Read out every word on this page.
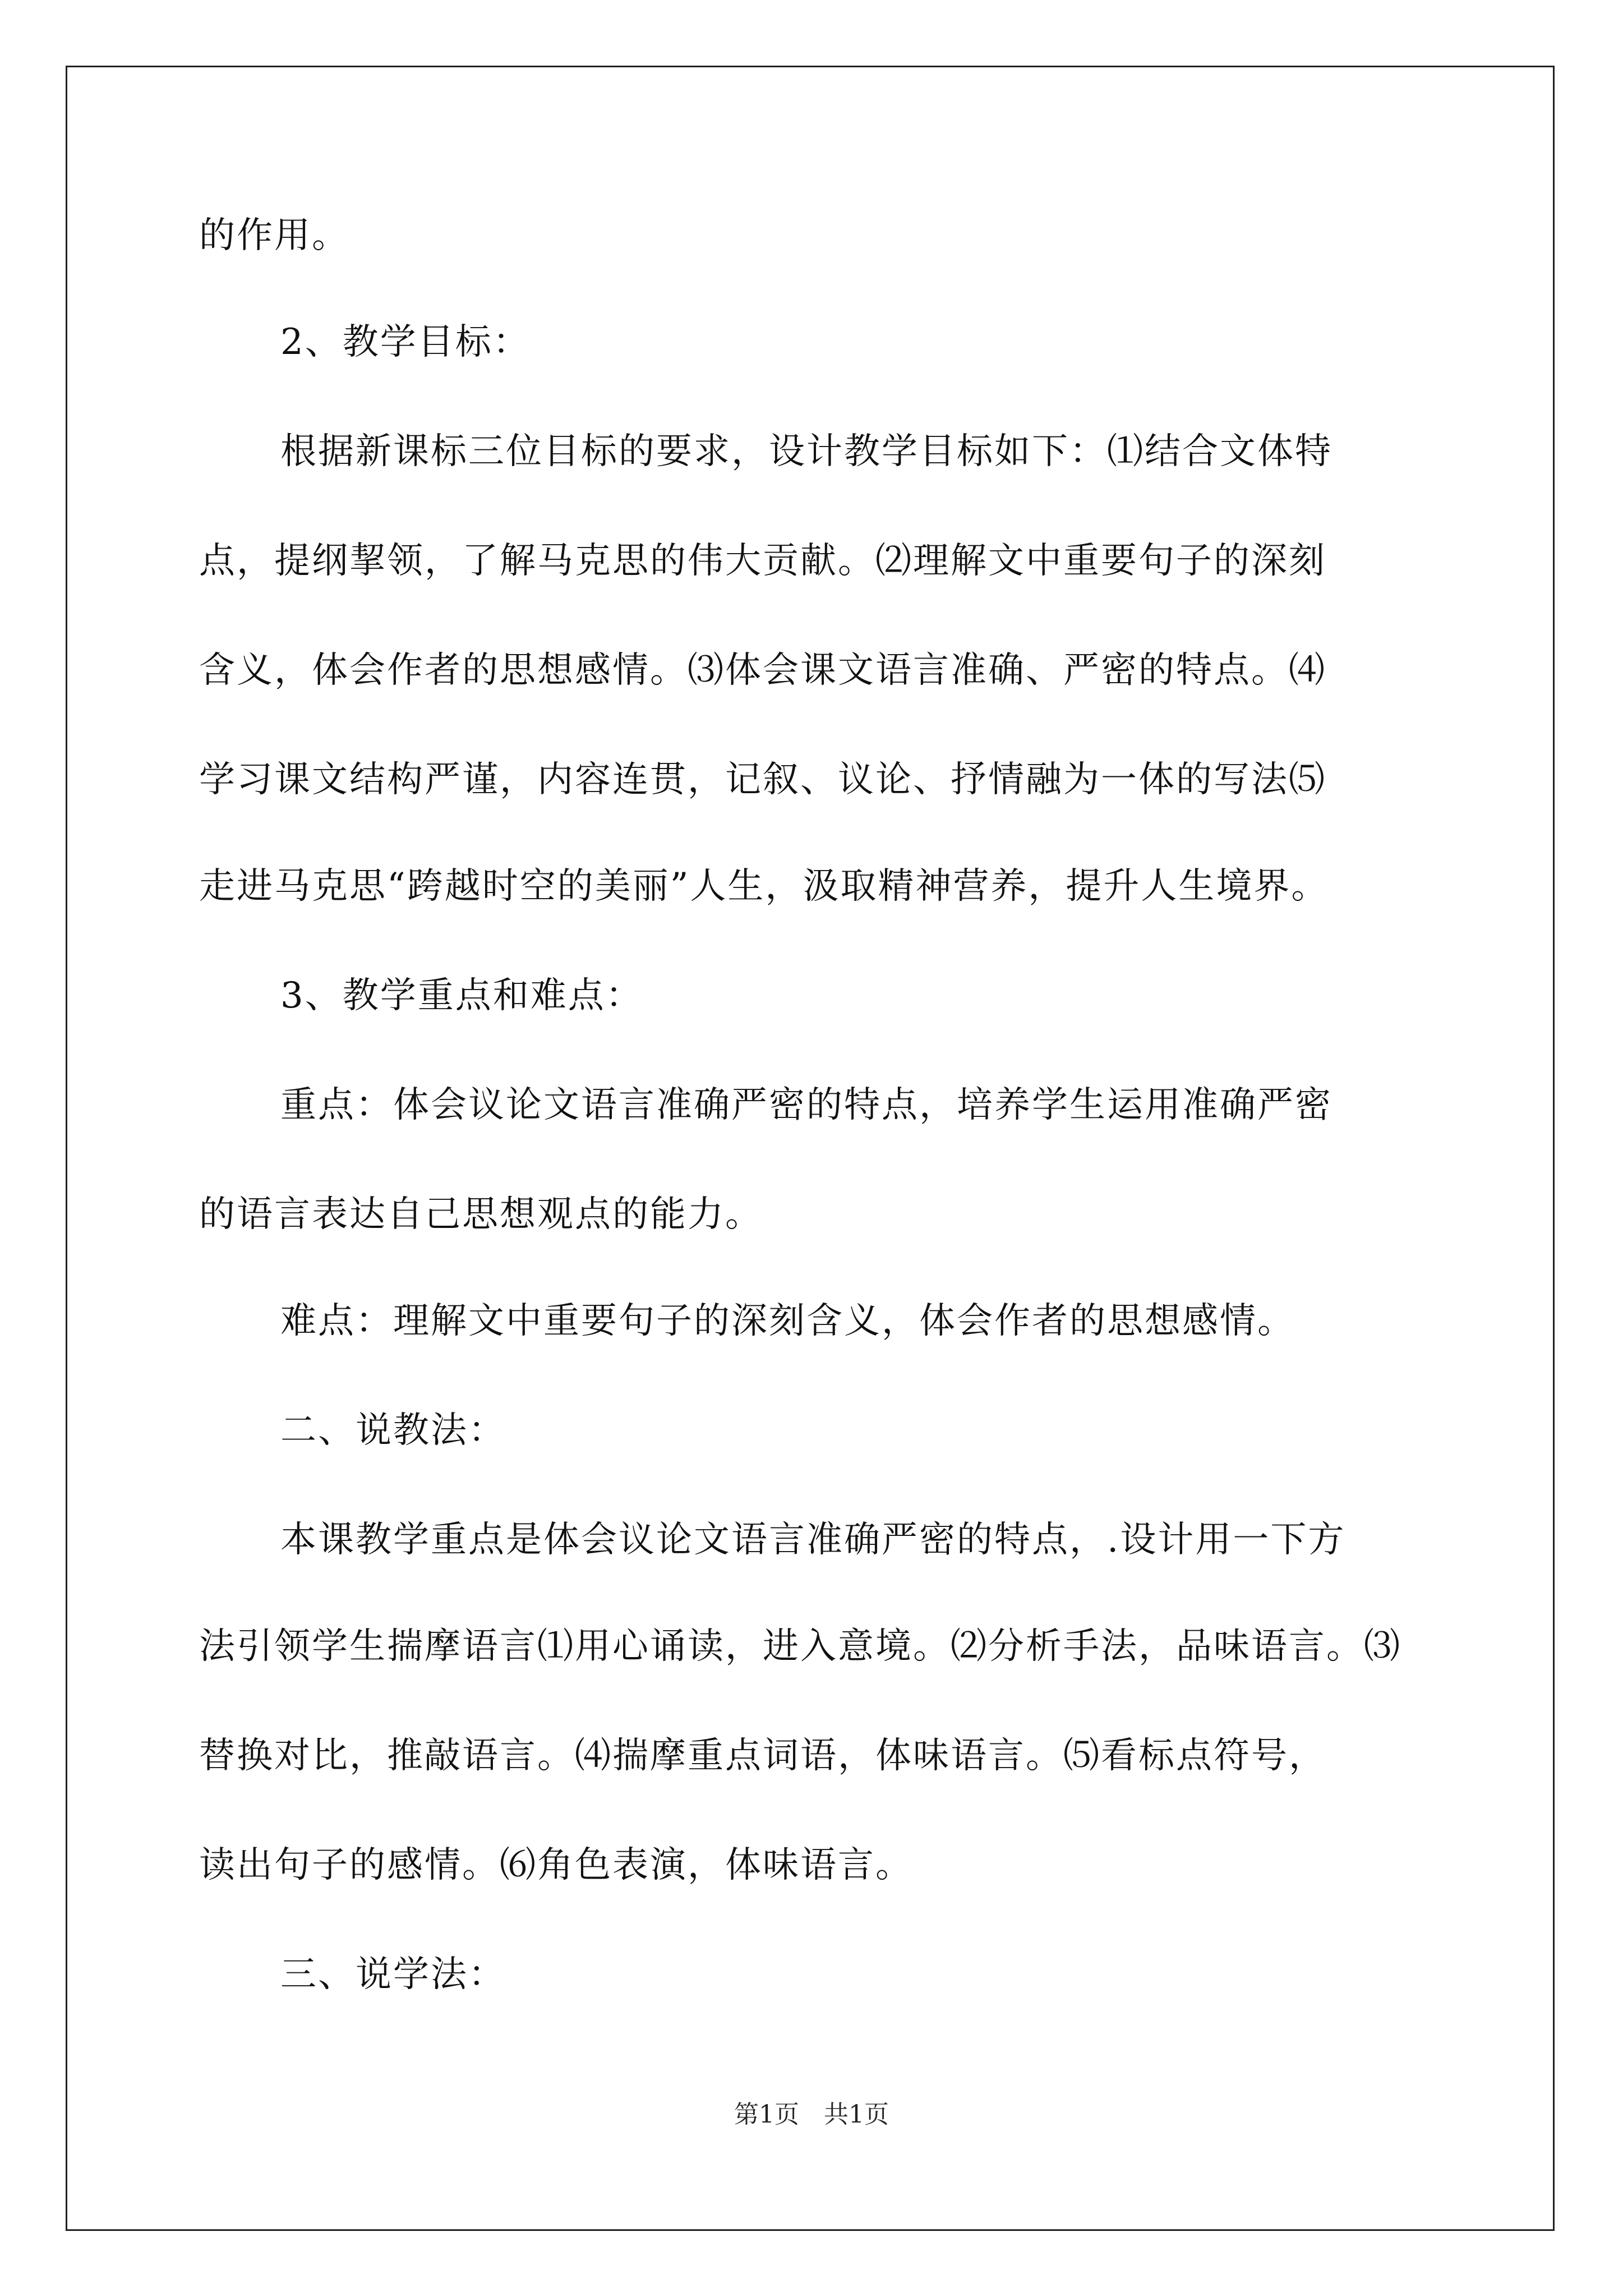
的作用。
2、教学目标：
根据新课标三位目标的要求，设计教学目标如下：⑴结合文体特
点，提纲挈领，了解马克思的伟大贡献。⑵理解文中重要句子的深刻
含义，体会作者的思想感情。⑶体会课文语言准确、严密的特点。⑷
学习课文结构严谨，内容连贯，记叙、议论、抒情融为一体的写法⑸
走进马克思“跨越时空的美丽”人生，汲取精神营养，提升人生境界。
3、教学重点和难点：
重点：体会议论文语言准确严密的特点，培养学生运用准确严密
的语言表达自己思想观点的能力。
难点：理解文中重要句子的深刻含义，体会作者的思想感情。
二、说教法：
本课教学重点是体会议论文语言准确严密的特点，.设计用一下方
法引领学生揣摩语言⑴用心诵读，进入意境。⑵分析手法，品味语言。⑶
替换对比，推敲语言。⑷揣摩重点词语，体味语言。⑸看标点符号，
读出句子的感情。⑹角色表演，体味语言。
三、说学法：
第1页　共1页
